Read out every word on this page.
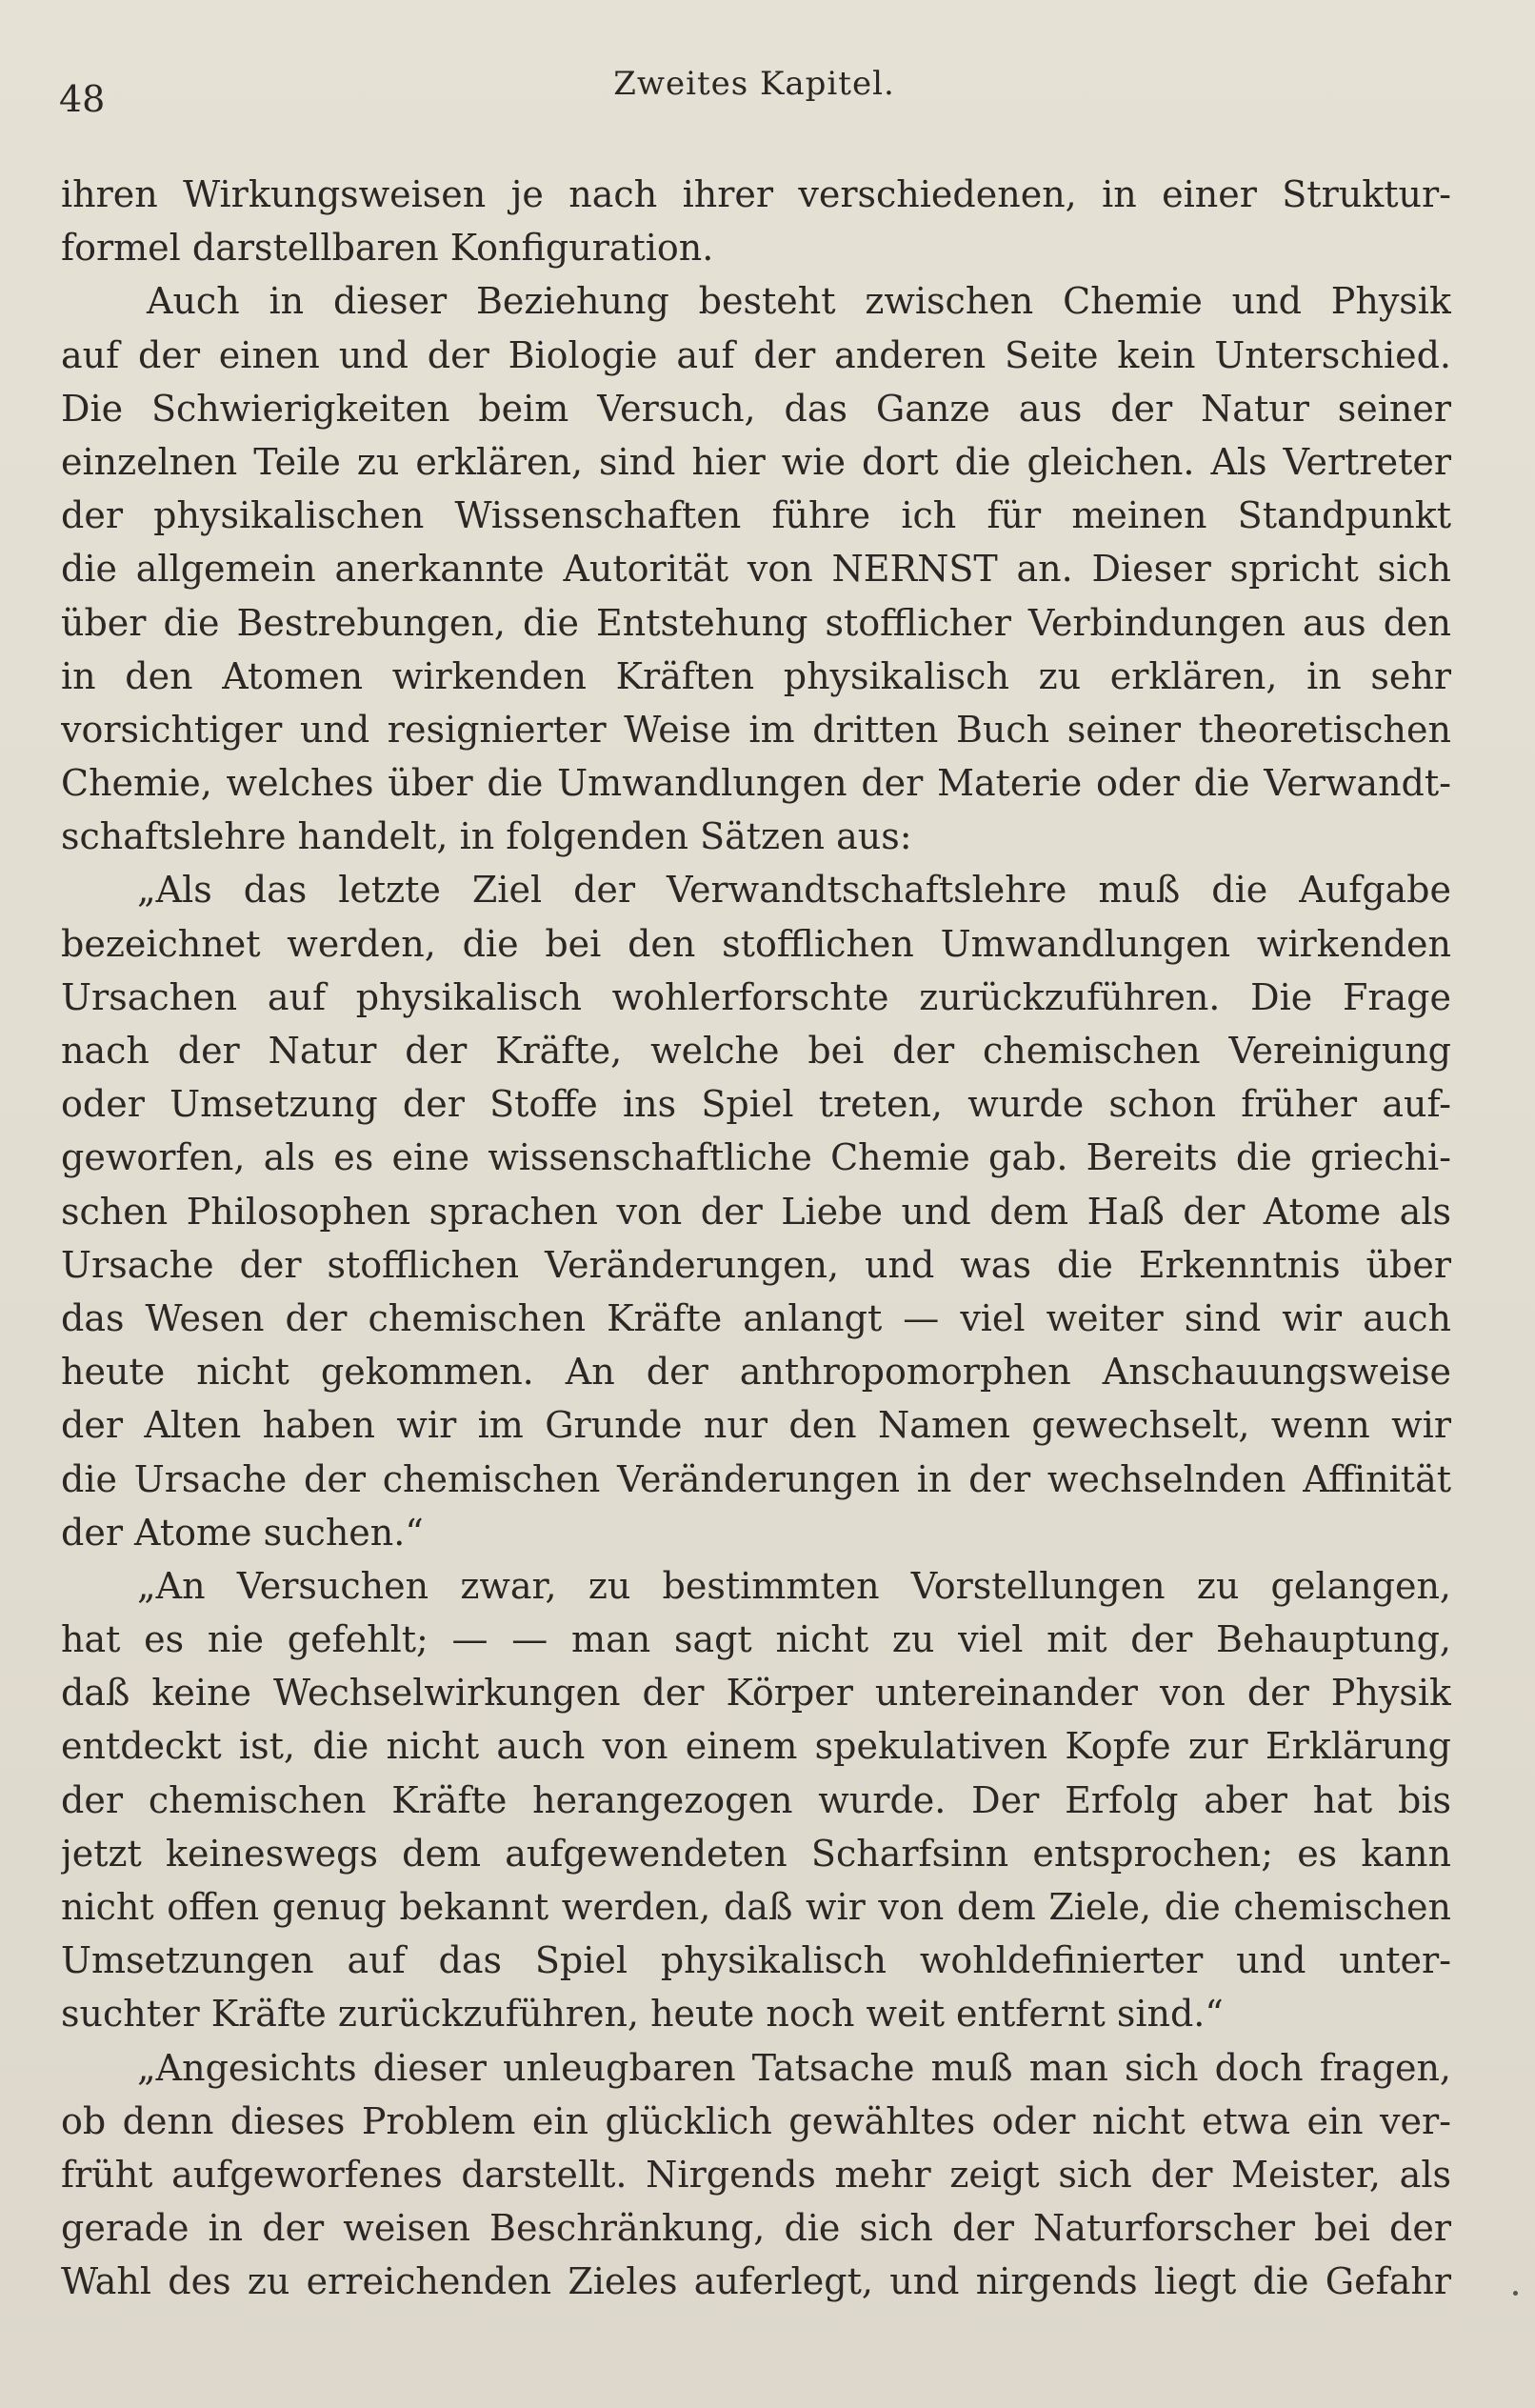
48	Zweites Kapitel.
ihren Wirkungsweisen je nach ihrer verschiedenen, in einer Struktur-
formel darstellbaren Konfiguration.
Auch in dieser Beziehung besteht zwischen Chemie und Physik
auf der einen und der Biologie auf der anderen Seite kein Unterschied.
Die Schwierigkeiten beim Versuch, das Ganze aus der Natur seiner
einzelnen Teile zu erklären, sind hier wie dort die gleichen. Als Vertreter
der physikalischen Wissenschaften führe ich für meinen Standpunkt
die allgemein anerkannte Autorität von NERNST an. Dieser spricht sich
über die Bestrebungen, die Entstehung stofflicher Verbindungen aus den
in den Atomen wirkenden Kräften physikalisch zu erklären, in sehr
vorsichtiger und resignierter Weise im dritten Buch seiner theoretischen
Chemie, welches über die Umwandlungen der Materie oder die Verwandt-
schaftslehre handelt, in folgenden Sätzen aus:
„Als das letzte Ziel der Verwandtschaftslehre muß die Aufgabe
bezeichnet werden, die bei den stofflichen Umwandlungen wirkenden
Ursachen auf physikalisch wohlerforschte zurückzuführen. Die Frage
nach der Natur der Kräfte, welche bei der chemischen Vereinigung
oder Umsetzung der Stoffe ins Spiel treten, wurde schon früher auf-
geworfen, als es eine wissenschaftliche Chemie gab. Bereits die griechi-
schen Philosophen sprachen von der Liebe und dem Haß der Atome als
Ursache der stofflichen Veränderungen, und was die Erkenntnis über
das Wesen der chemischen Kräfte anlangt — viel weiter sind wir auch
heute nicht gekommen. An der anthropomorphen Anschauungsweise
der Alten haben wir im Grunde nur den Namen gewechselt, wenn wir
die Ursache der chemischen Veränderungen in der wechselnden Affinität
der Atome suchen.“
„An Versuchen zwar, zu bestimmten Vorstellungen zu gelangen,
hat es nie gefehlt; — — man sagt nicht zu viel mit der Behauptung,
daß keine Wechselwirkungen der Körper untereinander von der Physik
entdeckt ist, die nicht auch von einem spekulativen Kopfe zur Erklärung
der chemischen Kräfte herangezogen wurde. Der Erfolg aber hat bis
jetzt keineswegs dem aufgewendeten Scharfsinn entsprochen; es kann
nicht offen genug bekannt werden, daß wir von dem Ziele, die chemischen
Umsetzungen auf das Spiel physikalisch wohldefinierter und unter-
suchter Kräfte zurückzuführen, heute noch weit entfernt sind.“
„Angesichts dieser unleugbaren Tatsache muß man sich doch fragen,
ob denn dieses Problem ein glücklich gewähltes oder nicht etwa ein ver-
früht aufgeworfenes darstellt. Nirgends mehr zeigt sich der Meister, als
gerade in der weisen Beschränkung, die sich der Naturforscher bei der
Wahl des zu erreichenden Zieles auferlegt, und nirgends liegt die Gefahr
